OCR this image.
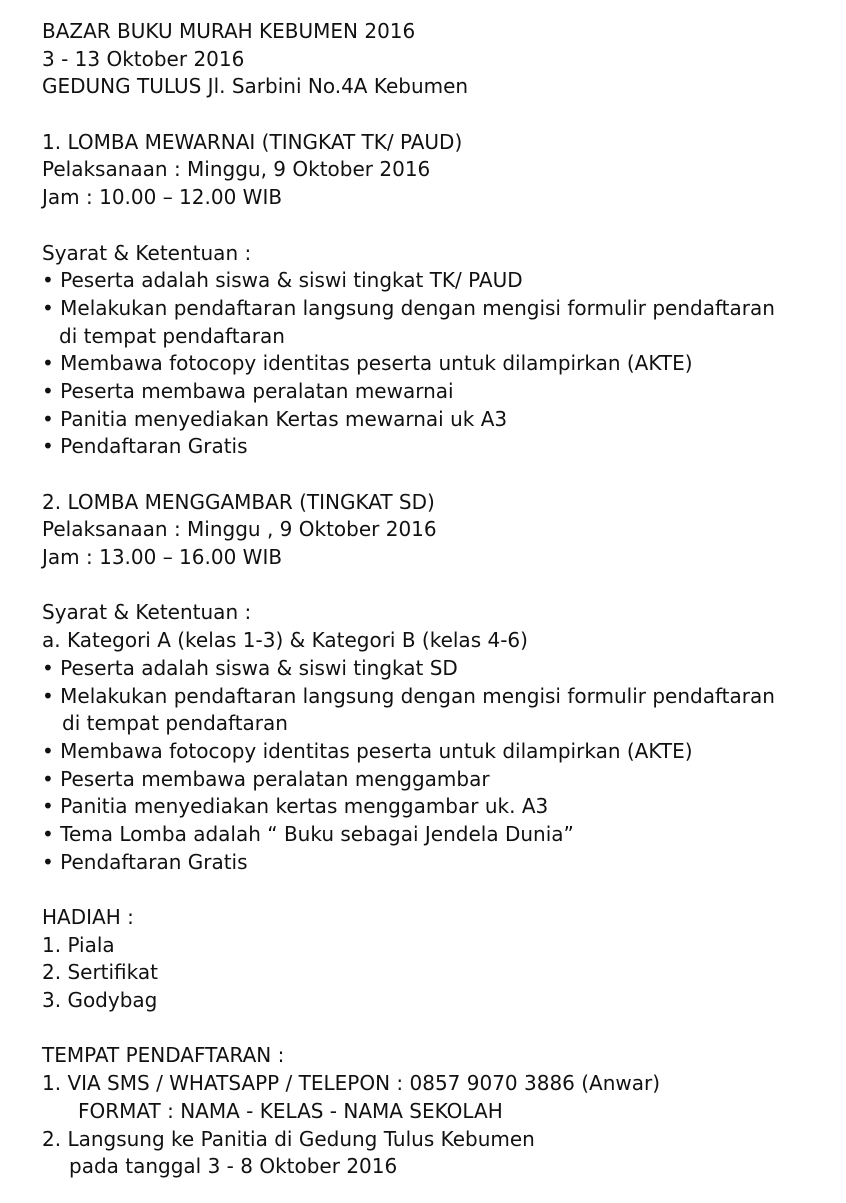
BAZAR BUKU MURAH KEBUMEN 2016
3 - 13 Oktober 2016
GEDUNG TULUS Jl. Sarbini No.4A Kebumen
1. LOMBA MEWARNAI (TINGKAT TK/ PAUD)
Pelaksanaan : Minggu, 9 Oktober 2016
Jam : 10.00 – 12.00 WIB
Syarat & Ketentuan :
• Peserta adalah siswa & siswi tingkat TK/ PAUD
• Melakukan pendaftaran langsung dengan mengisi formulir pendaftaran
di tempat pendaftaran
• Membawa fotocopy identitas peserta untuk dilampirkan (AKTE)
• Peserta membawa peralatan mewarnai
• Panitia menyediakan Kertas mewarnai uk A3
• Pendaftaran Gratis
2. LOMBA MENGGAMBAR (TINGKAT SD)
Pelaksanaan : Minggu , 9 Oktober 2016
Jam : 13.00 – 16.00 WIB
Syarat & Ketentuan :
a. Kategori A (kelas 1-3) & Kategori B (kelas 4-6)
• Peserta adalah siswa & siswi tingkat SD
• Melakukan pendaftaran langsung dengan mengisi formulir pendaftaran
di tempat pendaftaran
• Membawa fotocopy identitas peserta untuk dilampirkan (AKTE)
• Peserta membawa peralatan menggambar
• Panitia menyediakan kertas menggambar uk. A3
• Tema Lomba adalah “ Buku sebagai Jendela Dunia”
• Pendaftaran Gratis
HADIAH :
1. Piala
2. Sertifikat
3. Godybag
TEMPAT PENDAFTARAN :
1. VIA SMS / WHATSAPP / TELEPON : 0857 9070 3886 (Anwar)
FORMAT : NAMA - KELAS - NAMA SEKOLAH
2. Langsung ke Panitia di Gedung Tulus Kebumen
pada tanggal 3 - 8 Oktober 2016
